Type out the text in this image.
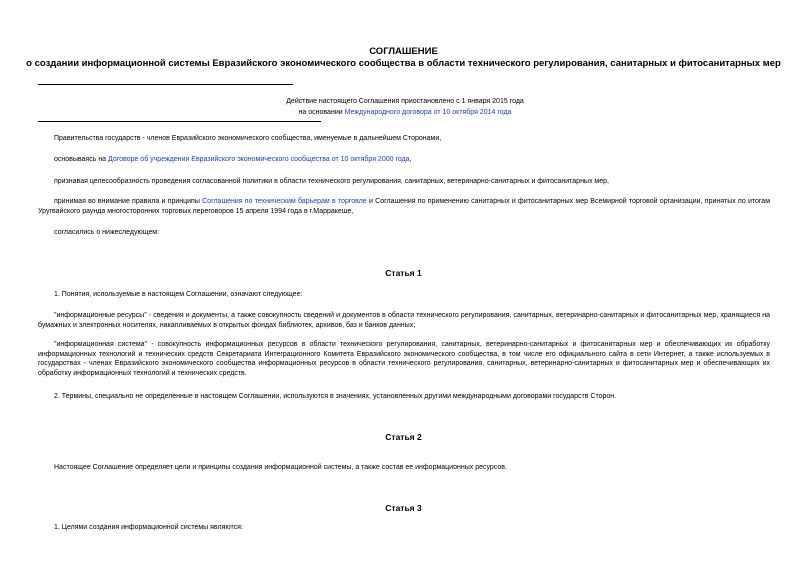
СОГЛАШЕНИЕ
о создании информационной системы Евразийского экономического сообщества в области технического регулирования, санитарных и фитосанитарных мер
Действие настоящего Соглашения приостановлено с 1 января 2015 года
на основании Международного договора от 10 октября 2014 года
Правительства государств - членов Евразийского экономического сообщества, именуемые в дальнейшем Сторонами,
основываясь на Договоре об учреждении Евразийского экономического сообщества от 10 октября 2000 года,
признавая целесообразность проведения согласованной политики в области технического регулирования, санитарных, ветеринарно-санитарных и фитосанитарных мер,
принимая во внимание правила и принципы Соглашения по техническим барьерам в торговле и Соглашения по применению санитарных и фитосанитарных мер Всемирной торговой организации, принятых по итогам Уругвайского раунда многосторонних торговых переговоров 15 апреля 1994 года в г.Марракеше,
согласились о нижеследующем:
Статья 1
1. Понятия, используемые в настоящем Соглашении, означают следующее:
"информационные ресурсы" - сведения и документы, а также совокупность сведений и документов в области технического регулирования, санитарных, ветеринарно-санитарных и фитосанитарных мер, хранящиеся на бумажных и электронных носителях, накапливаемых в открытых фондах библиотек, архивов, баз и банков данных;
"информационная система" - совокупность информационных ресурсов в области технического регулирования, санитарных, ветеринарно-санитарных и фитосанитарных мер и обеспечивающих их обработку информационных технологий и технических средств Секретариата Интеграционного Комитета Евразийского экономического сообщества, в том числе его официального сайта в сети Интернет, а также используемых в государствах - членах Евразийского экономического сообщества информационных ресурсов в области технического регулирования, санитарных, ветеринарно-санитарных и фитосанитарных мер и обеспечивающих их обработку информационных технологий и технических средств.
2. Термины, специально не определенные в настоящем Соглашении, используются в значениях, установленных другими международными договорами государств Сторон.
Статья 2
Настоящее Соглашение определяет цели и принципы создания информационной системы, а также состав ее информационных ресурсов.
Статья 3
1. Целями создания информационной системы являются:
